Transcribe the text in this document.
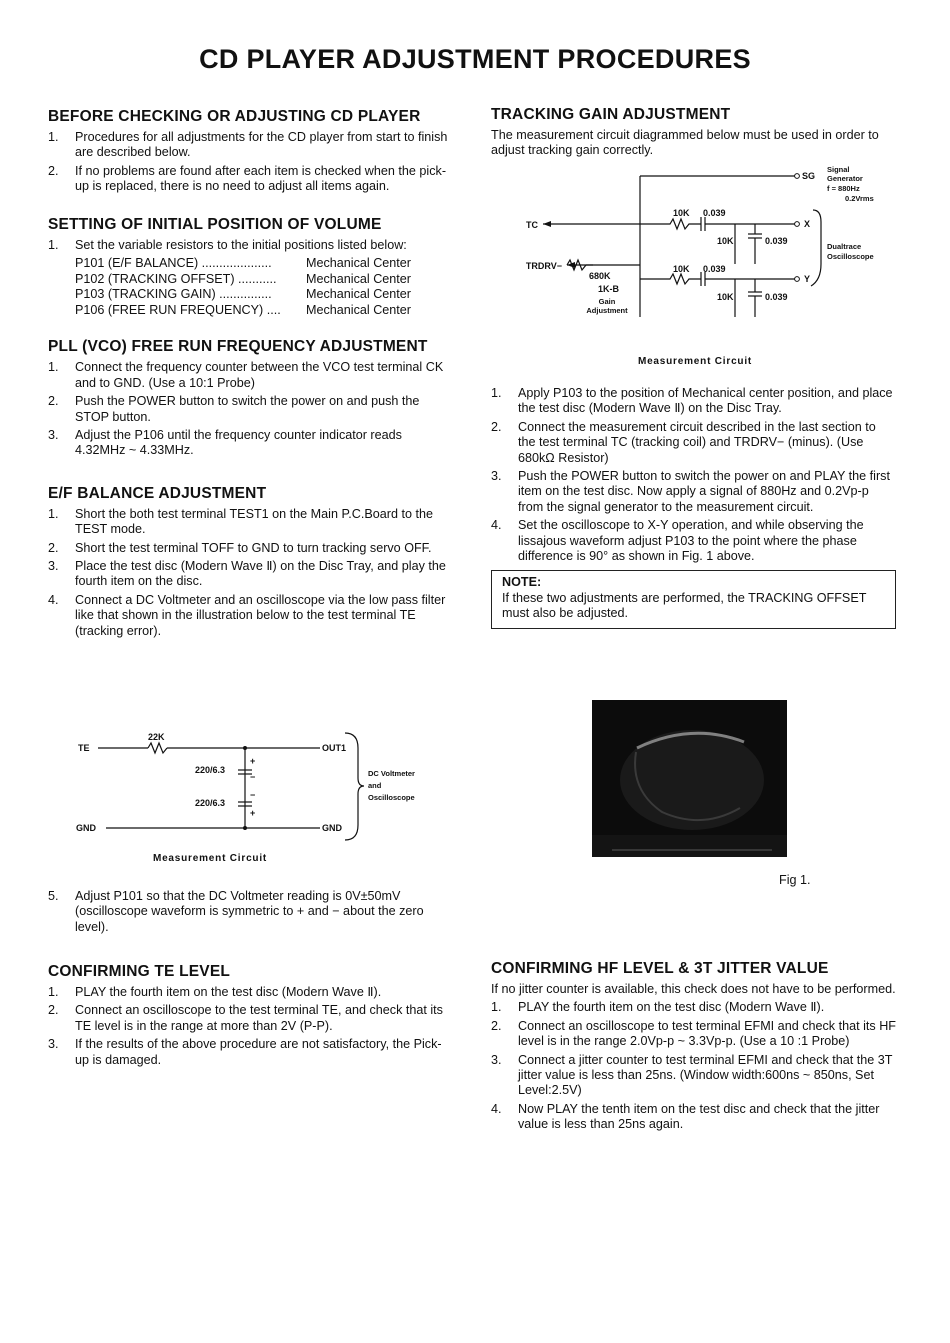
CD PLAYER ADJUSTMENT PROCEDURES
BEFORE CHECKING OR ADJUSTING CD PLAYER
1. Procedures for all adjustments for the CD player from start to finish are described below.
2. If no problems are found after each item is checked when the pick-up is replaced, there is no need to adjust all items again.
SETTING OF INITIAL POSITION OF VOLUME
1. Set the variable resistors to the initial positions listed below:
P101 (E/F BALANCE) ....................	Mechanical Center
P102 (TRACKING OFFSET) ...........	Mechanical Center
P103 (TRACKING GAIN) ...............	Mechanical Center
P106 (FREE RUN FREQUENCY) ....	Mechanical Center
PLL (VCO) FREE RUN FREQUENCY ADJUSTMENT
1. Connect the frequency counter between the VCO test terminal CK and to GND. (Use a 10:1 Probe)
2. Push the POWER button to switch the power on and push the STOP button.
3. Adjust the P106 until the frequency counter indicator reads 4.32MHz ~ 4.33MHz.
E/F BALANCE ADJUSTMENT
1. Short the both test terminal TEST1 on the Main P.C.Board to the TEST mode.
2. Short the test terminal TOFF to GND to turn tracking servo OFF.
3. Place the test disc (Modern Wave Ⅱ) on the Disc Tray, and play the fourth item on the disc.
4. Connect a DC Voltmeter and an oscilloscope via the low pass filter like that shown in the illustration below to the test terminal TE (tracking error).
TE
22K
OUT1
220/6.3
220/6.3
GND	GND
+
−
−
+
DC Voltmeter
and
Oscilloscope
Measurement Circuit
5. Adjust P101 so that the DC Voltmeter reading is 0V±50mV (oscilloscope waveform is symmetric to + and − about the zero level).
CONFIRMING TE LEVEL
1. PLAY the fourth item on the test disc (Modern Wave Ⅱ).
2. Connect an oscilloscope to the test terminal TE, and check that its TE level is in the range at more than 2V (P-P).
3. If the results of the above procedure are not satisfactory, the Pick-up is damaged.
TRACKING GAIN ADJUSTMENT
The measurement circuit diagrammed below must be used in order to adjust tracking gain correctly.
SG
TC
TRDRV−
680K
1K-B
10K 0.039
10K	0.039
10K 0.039
10K	0.039
X
Y
Signal
Generator
f = 880Hz
0.2Vrms
Dualtrace
Oscilloscope
Gain
Adjustment
Measurement Circuit
1. Apply P103 to the position of Mechanical center position, and place the test disc (Modern Wave Ⅱ) on the Disc Tray.
2. Connect the measurement circuit described in the last section to the test terminal TC (tracking coil) and TRDRV− (minus). (Use 680kΩ Resistor)
3. Push the POWER button to switch the power on and PLAY the first item on the test disc. Now apply a signal of 880Hz and 0.2Vp-p from the signal generator to the measurement circuit.
4. Set the oscilloscope to X-Y operation, and while observing the lissajous waveform adjust P103 to the point where the phase difference is 90° as shown in Fig. 1 above.
NOTE:
If these two adjustments are performed, the TRACKING OFFSET must also be adjusted.
Fig 1.
CONFIRMING HF LEVEL & 3T JITTER VALUE
If no jitter counter is available, this check does not have to be performed.
1. PLAY the fourth item on the test disc (Modern Wave Ⅱ).
2. Connect an oscilloscope to test terminal EFMI and check that its HF level is in the range 2.0Vp-p ~ 3.3Vp-p. (Use a 10 :1 Probe)
3. Connect a jitter counter to test terminal EFMI and check that the 3T jitter value is less than 25ns. (Window width:600ns ~ 850ns, Set Level:2.5V)
4. Now PLAY the tenth item on the test disc and check that the jitter value is less than 25ns again.
